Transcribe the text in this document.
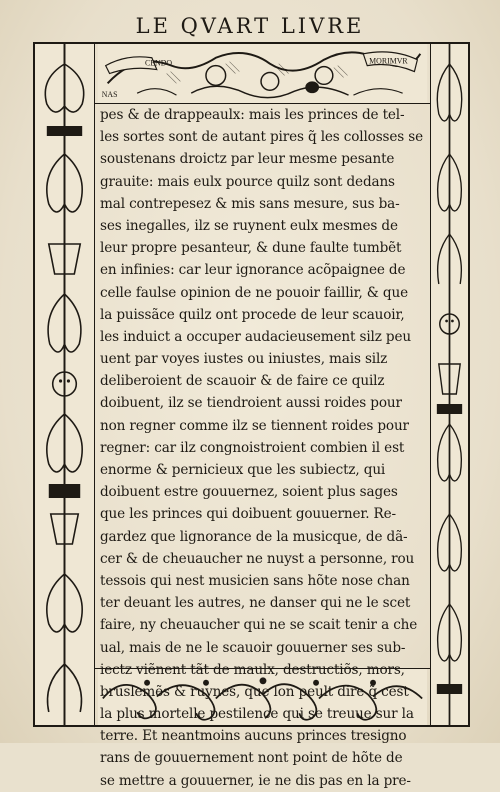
LE QVART LIVRE
CENDO	MORIMVR
NAS
pes & de drappeaulx: mais les princes de tel-
les sortes sont de autant pires q̃ les collosses se
soustenans droictz par leur mesme pesante
grauite: mais eulx pource quilz sont dedans
mal contrepesez & mis sans mesure, sus ba-
ses inegalles, ilz se ruynent eulx mesmes de
leur propre pesanteur, & dune faulte tumbẽt
en infinies: car leur ignorance acõpaignee de
celle faulse opinion de ne pouoir faillir, & que
la puissãce quilz ont procede de leur scauoir,
les induict a occuper audacieusement silz peu
uent par voyes iustes ou iniustes, mais silz
deliberoient de scauoir & de faire ce quilz
doibuent, ilz se tiendroient aussi roides pour
non regner comme ilz se tiennent roides pour
regner: car ilz congnoistroient combien il est
enorme & pernicieux que les subiectz, qui
doibuent estre gouuernez, soient plus sages
que les princes qui doibuent gouuerner. Re-
gardez que lignorance de la musicque, de dã-
cer & de cheuaucher ne nuyst a personne, rou
tessois qui nest musicien sans hõte nose chan
ter deuant les autres, ne danser qui ne le scet
faire, ny cheuaucher qui ne se scait tenir a che
ual, mais de ne le scauoir gouuerner ses sub-
iectz viẽnent tãt de maulx, destructiõs, mors,
bruslemẽs & ruynes, que lon peult dire q̃ cest
la plus mortelle pestilence qui se treuue sur la
terre. Et neantmoins aucuns princes tresigno
rans de gouuernement nont point de hõte de
se mettre a gouuerner, ie ne dis pas en la pre-
